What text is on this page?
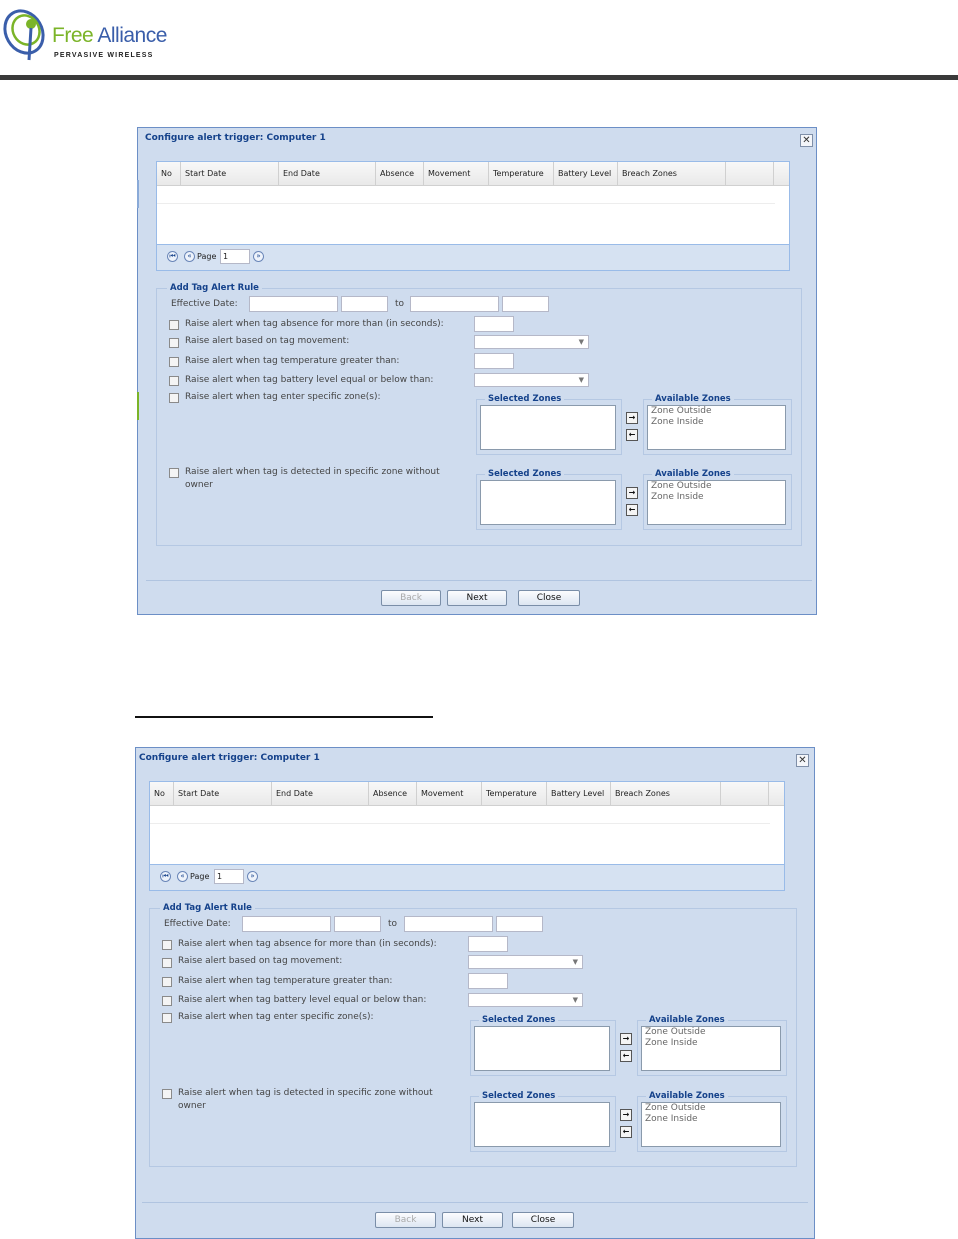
Free Alliance
PERVASIVE WIRELESS
Configure alert trigger: Computer 1	✕
No	Start Date	End Date	Absence	Movement	Temperature	Battery Level	Breach Zones
⏮	« Page 1	»
Add Tag Alert Rule
Effective Date:	to
Raise alert when tag absence for more than (in seconds):
Raise alert based on tag movement:	▼
Raise alert when tag temperature greater than:
Raise alert when tag battery level equal or below than:	▼
Raise alert when tag enter specific zone(s):	Selected Zones
→
←
Available Zones
Zone Outside
Zone Inside
Raise alert when tag is detected in specific zone without
owner
Selected Zones
→
←
Available Zones
Zone Outside
Zone Inside
Back	Next	Close
Configure alert trigger: Computer 1	✕
No	Start Date	End Date	Absence	Movement	Temperature	Battery Level	Breach Zones
⏮	« Page 1	»
Add Tag Alert Rule
Effective Date:	to
Raise alert when tag absence for more than (in seconds):
Raise alert based on tag movement:	▼
Raise alert when tag temperature greater than:
Raise alert when tag battery level equal or below than:	▼
Raise alert when tag enter specific zone(s):	Selected Zones
→
←
Available Zones
Zone Outside
Zone Inside
Raise alert when tag is detected in specific zone without
owner
Selected Zones
→
←
Available Zones
Zone Outside
Zone Inside
Back	Next	Close
